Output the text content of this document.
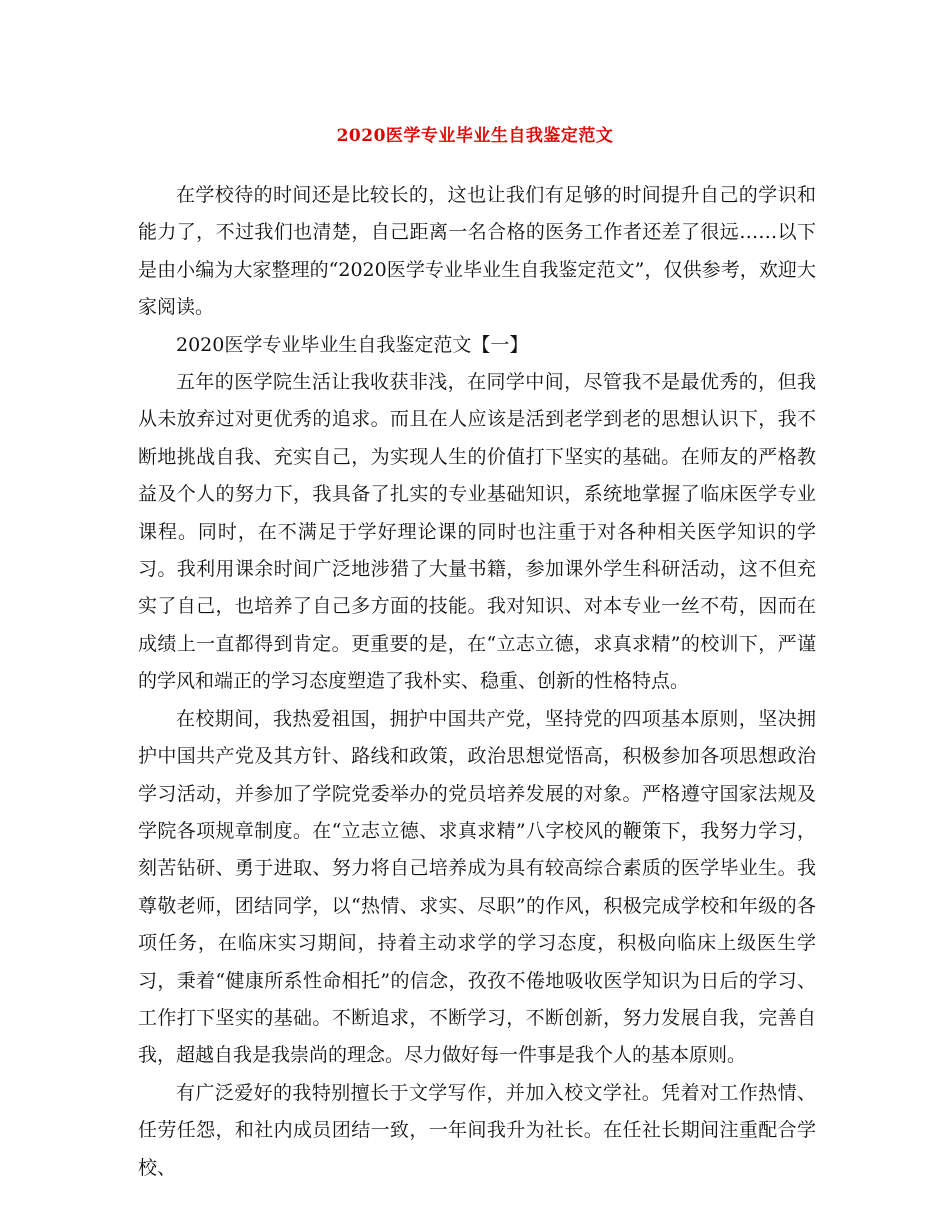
2020医学专业毕业生自我鉴定范文

在学校待的时间还是比较长的，这也让我们有足够的时间提升自己的学识和能力了，不过我们也清楚，自己距离一名合格的医务工作者还差了很远……以下是由小编为大家整理的“2020医学专业毕业生自我鉴定范文”，仅供参考，欢迎大家阅读。

2020医学专业毕业生自我鉴定范文【一】

五年的医学院生活让我收获非浅，在同学中间，尽管我不是最优秀的，但我从未放弃过对更优秀的追求。而且在人应该是活到老学到老的思想认识下，我不断地挑战自我、充实自己，为实现人生的价值打下坚实的基础。在师友的严格教益及个人的努力下，我具备了扎实的专业基础知识，系统地掌握了临床医学专业课程。同时，在不满足于学好理论课的同时也注重于对各种相关医学知识的学习。我利用课余时间广泛地涉猎了大量书籍，参加课外学生科研活动，这不但充实了自己，也培养了自己多方面的技能。我对知识、对本专业一丝不苟，因而在成绩上一直都得到肯定。更重要的是，在“立志立德，求真求精”的校训下，严谨的学风和端正的学习态度塑造了我朴实、稳重、创新的性格特点。

在校期间，我热爱祖国，拥护中国共产党，坚持党的四项基本原则，坚决拥护中国共产党及其方针、路线和政策，政治思想觉悟高，积极参加各项思想政治学习活动，并参加了学院党委举办的党员培养发展的对象。严格遵守国家法规及学院各项规章制度。在“立志立德、求真求精”八字校风的鞭策下，我努力学习，刻苦钻研、勇于进取、努力将自己培养成为具有较高综合素质的医学毕业生。我尊敬老师，团结同学，以“热情、求实、尽职”的作风，积极完成学校和年级的各项任务，在临床实习期间，持着主动求学的学习态度，积极向临床上级医生学习，秉着“健康所系性命相托”的信念，孜孜不倦地吸收医学知识为日后的学习、工作打下坚实的基础。不断追求，不断学习，不断创新，努力发展自我，完善自我，超越自我是我崇尚的理念。尽力做好每一件事是我个人的基本原则。

有广泛爱好的我特别擅长于文学写作，并加入校文学社。凭着对工作热情、任劳任怨，和社内成员团结一致，一年间我升为社长。在任社长期间注重配合学校、
